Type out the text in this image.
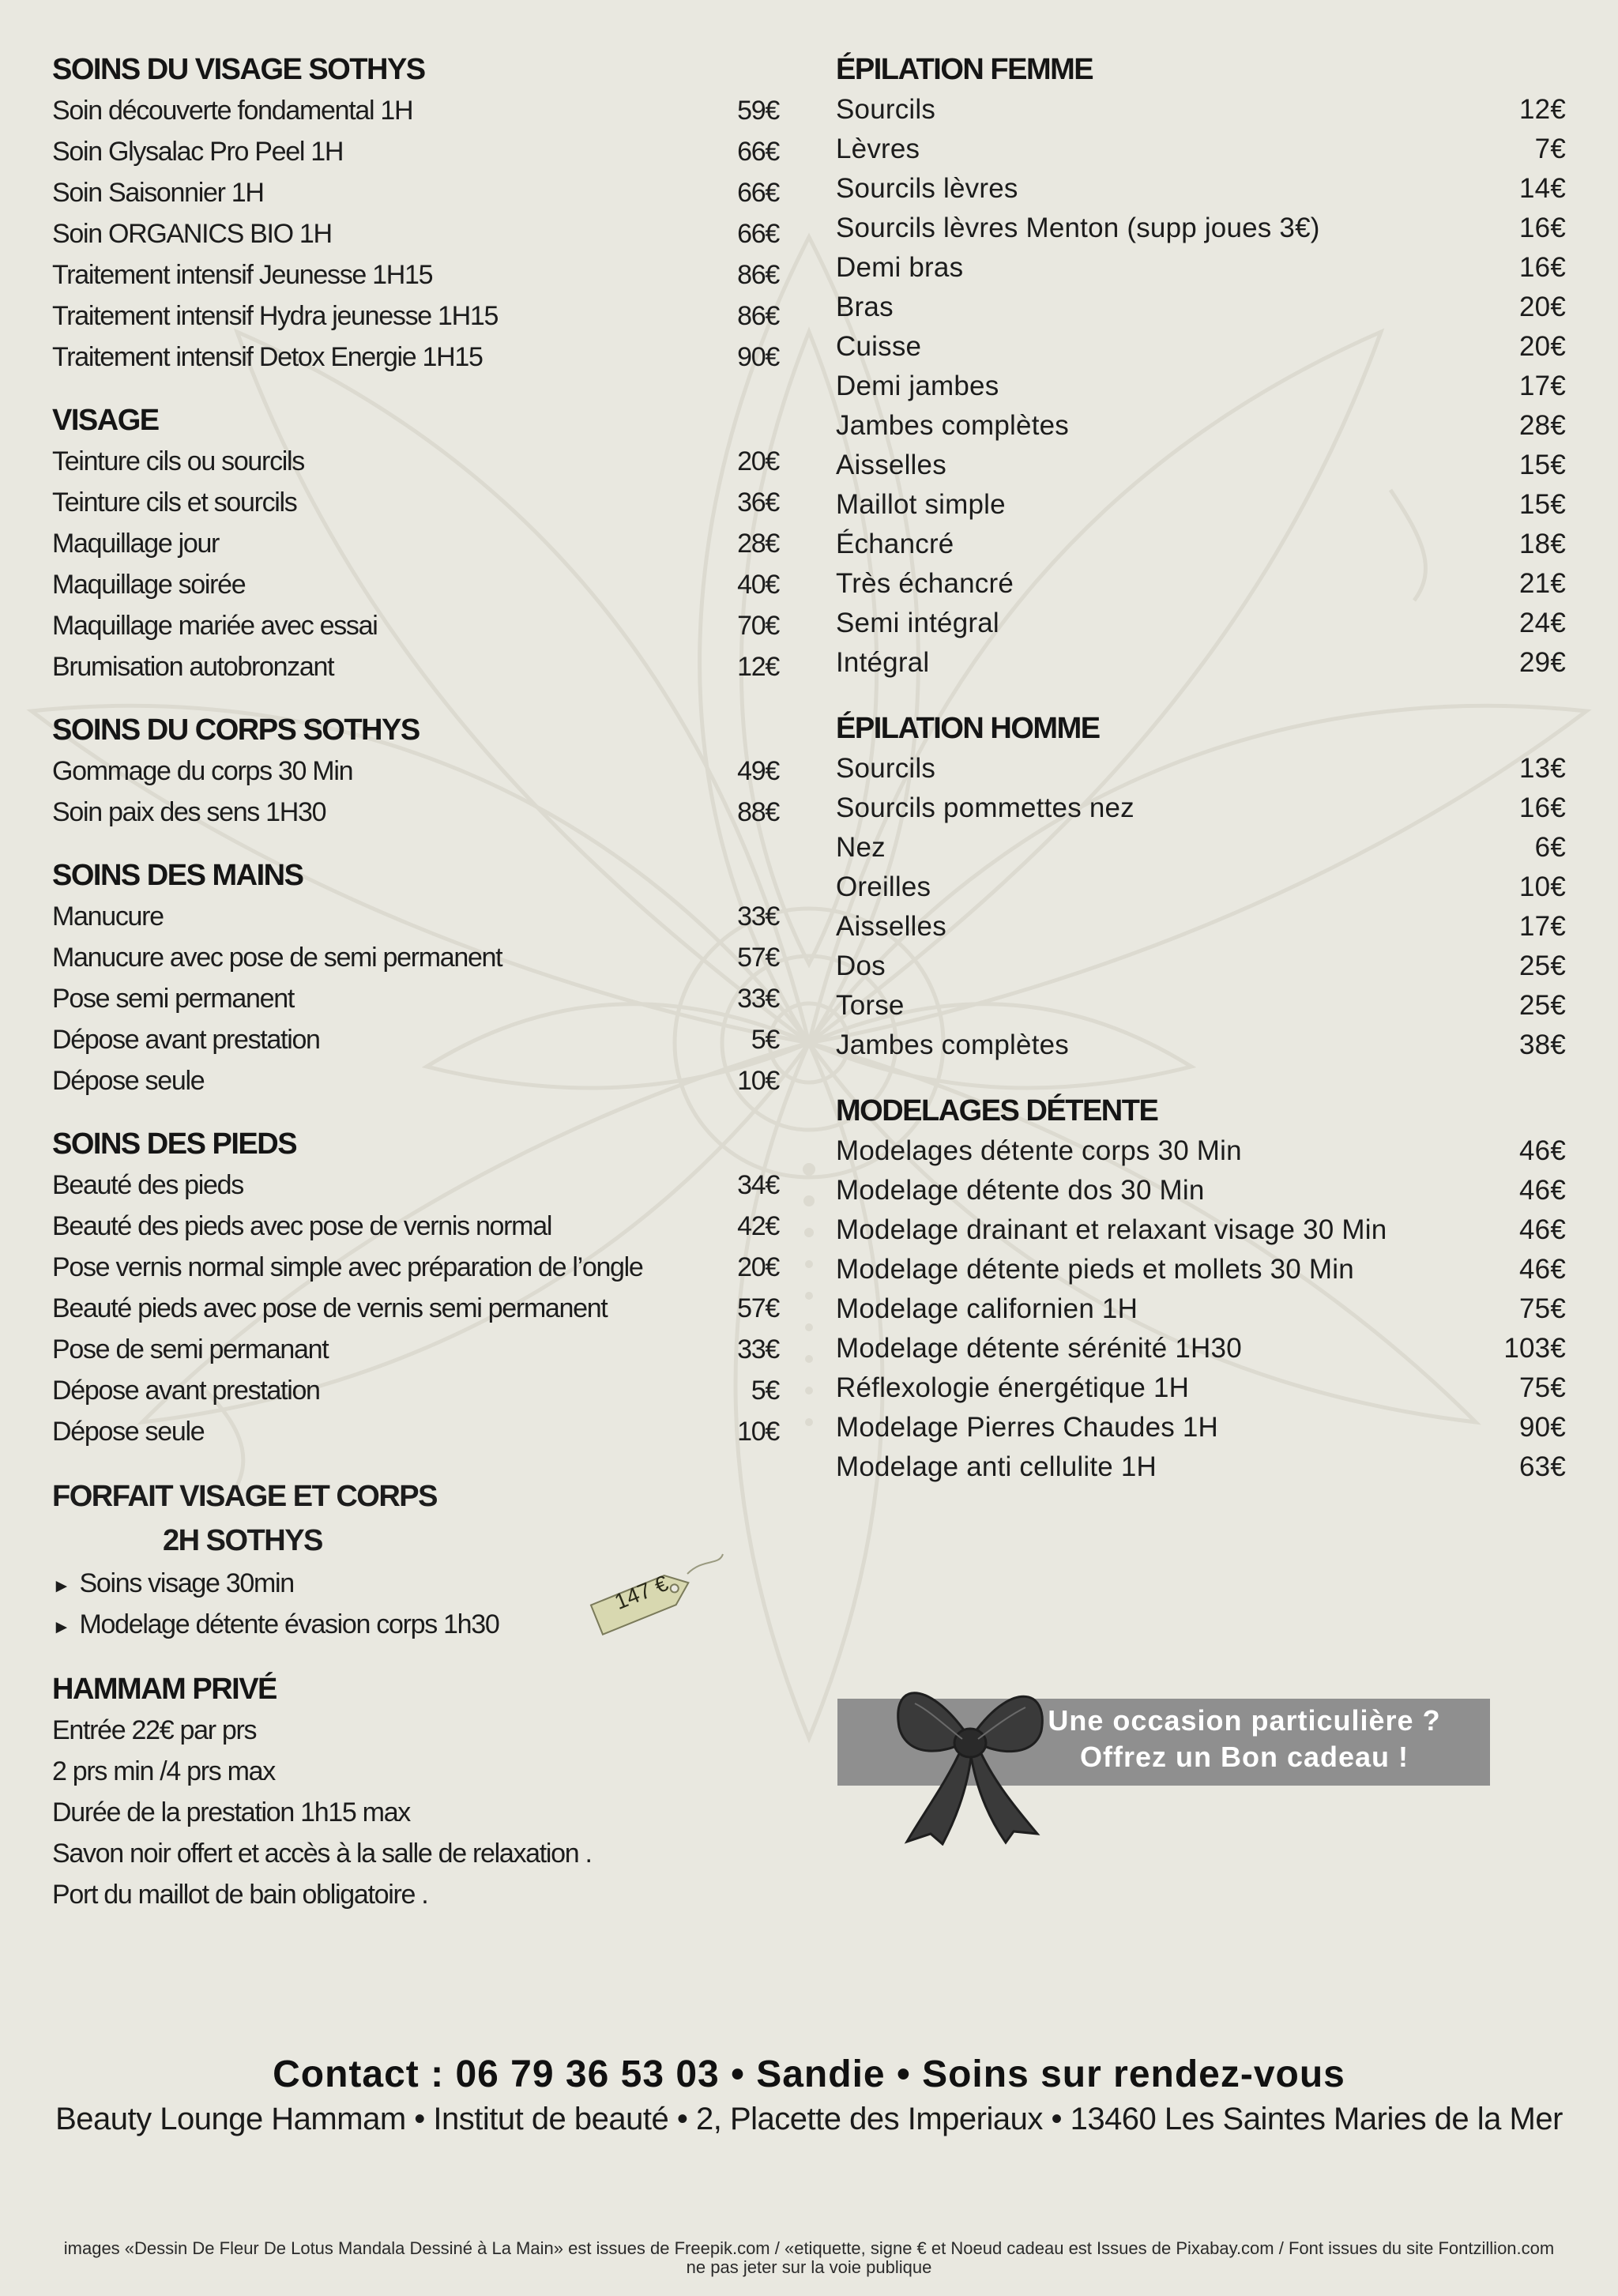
SOINS DU VISAGE SOTHYS
Soin découverte fondamental 1H	59€
Soin Glysalac Pro Peel 1H	66€
Soin Saisonnier 1H	66€
Soin ORGANICS BIO 1H	66€
Traitement intensif Jeunesse 1H15	86€
Traitement intensif Hydra jeunesse 1H15	86€
Traitement intensif Detox Energie 1H15	90€
VISAGE
Teinture cils ou sourcils	20€
Teinture cils et sourcils	36€
Maquillage jour	28€
Maquillage soirée	40€
Maquillage mariée avec essai	70€
Brumisation autobronzant	12€
SOINS DU CORPS SOTHYS
Gommage du corps 30 Min	49€
Soin paix des sens 1H30	88€
SOINS DES MAINS
Manucure	33€
Manucure avec pose de semi permanent	57€
Pose semi permanent	33€
Dépose avant prestation	5€
Dépose seule	10€
SOINS DES PIEDS
Beauté des pieds	34€
Beauté des pieds avec pose de vernis normal	42€
Pose vernis normal simple avec préparation de l’ongle	20€
Beauté pieds avec pose de vernis semi permanent	57€
Pose de semi permanant	33€
Dépose avant prestation	5€
Dépose seule	10€
FORFAIT VISAGE ET CORPS
2H SOTHYS
► Soins visage 30min
► Modelage détente évasion corps 1h30
HAMMAM PRIVÉ
Entrée 22€ par prs
2 prs min /4 prs max
Durée de la prestation 1h15 max
Savon noir offert et accès à la salle de relaxation .
Port du maillot de bain obligatoire .
147 €
ÉPILATION FEMME
Sourcils	12€
Lèvres	7€
Sourcils lèvres	14€
Sourcils lèvres Menton (supp joues 3€)	16€
Demi bras	16€
Bras	20€
Cuisse	20€
Demi jambes	17€
Jambes complètes	28€
Aisselles	15€
Maillot simple	15€
Échancré	18€
Très échancré	21€
Semi intégral	24€
Intégral	29€
ÉPILATION HOMME
Sourcils	13€
Sourcils pommettes nez	16€
Nez	6€
Oreilles	10€
Aisselles	17€
Dos	25€
Torse	25€
Jambes complètes	38€
MODELAGES DÉTENTE
Modelages détente corps 30 Min	46€
Modelage détente dos 30 Min	46€
Modelage drainant et relaxant visage 30 Min	46€
Modelage détente pieds et mollets 30 Min	46€
Modelage californien 1H	75€
Modelage détente sérénité 1H30	103€
Réflexologie énergétique 1H	75€
Modelage Pierres Chaudes 1H	90€
Modelage anti cellulite 1H	63€
Une occasion particulière ?
Offrez un Bon cadeau !
Contact : 06 79 36 53 03 • Sandie • Soins sur rendez-vous
Beauty Lounge Hammam • Institut de beauté • 2, Placette des Imperiaux • 13460 Les Saintes Maries de la Mer
images «Dessin De Fleur De Lotus Mandala Dessiné à La Main» est issues de Freepik.com / «etiquette, signe € et Noeud cadeau est Issues de Pixabay.com / Font issues du site Fontzillion.com
ne pas jeter sur la voie publique
